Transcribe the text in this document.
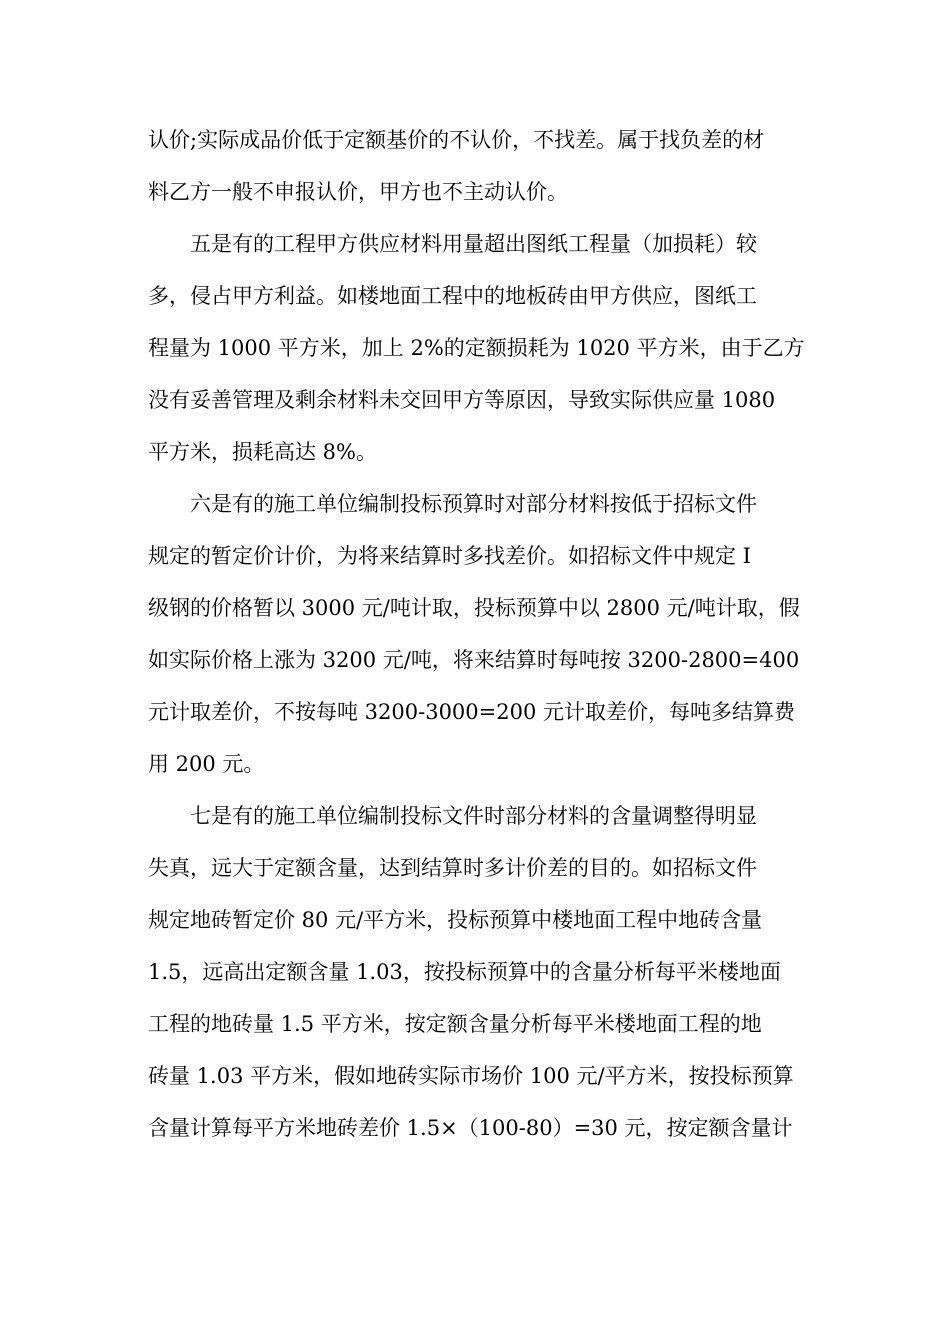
认价;实际成品价低于定额基价的不认价，不找差。属于找负差的材
料乙方一般不申报认价，甲方也不主动认价。
五是有的工程甲方供应材料用量超出图纸工程量（加损耗）较
多，侵占甲方利益。如楼地面工程中的地板砖由甲方供应，图纸工
程量为 1000 平方米，加上 2%的定额损耗为 1020 平方米，由于乙方
没有妥善管理及剩余材料未交回甲方等原因，导致实际供应量 1080
平方米，损耗高达 8%。
六是有的施工单位编制投标预算时对部分材料按低于招标文件
规定的暂定价计价，为将来结算时多找差价。如招标文件中规定 I
级钢的价格暂以 3000 元/吨计取，投标预算中以 2800 元/吨计取，假
如实际价格上涨为 3200 元/吨，将来结算时每吨按 3200-2800=400
元计取差价，不按每吨 3200-3000=200 元计取差价，每吨多结算费
用 200 元。
七是有的施工单位编制投标文件时部分材料的含量调整得明显
失真，远大于定额含量，达到结算时多计价差的目的。如招标文件
规定地砖暂定价 80 元/平方米，投标预算中楼地面工程中地砖含量
1.5，远高出定额含量 1.03，按投标预算中的含量分析每平米楼地面
工程的地砖量 1.5 平方米，按定额含量分析每平米楼地面工程的地
砖量 1.03 平方米，假如地砖实际市场价 100 元/平方米，按投标预算
含量计算每平方米地砖差价 1.5×（100-80）=30 元，按定额含量计
